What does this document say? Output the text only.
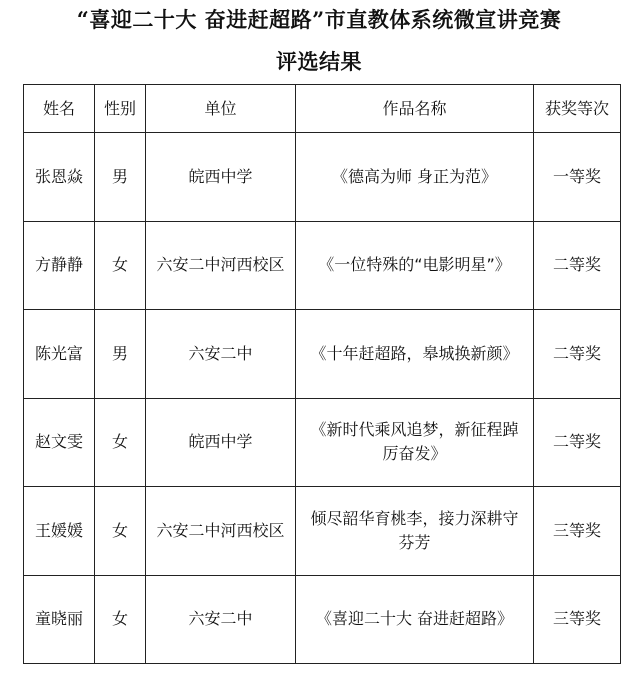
“喜迎二十大 奋进赶超路”市直教体系统微宣讲竞赛
评选结果
姓名	性别	单位	作品名称	获奖等次
张恩焱	男	皖西中学	《德高为师 身正为范》	一等奖
方静静	女	六安二中河西校区	《一位特殊的“电影明星”》	二等奖
陈光富	男	六安二中	《十年赶超路，皋城换新颜》	二等奖
赵文雯	女	皖西中学	《新时代乘风追梦，新征程踔厉奋发》	二等奖
王媛媛	女	六安二中河西校区	倾尽韶华育桃李，接力深耕守芬芳	三等奖
童晓丽	女	六安二中	《喜迎二十大 奋进赶超路》	三等奖
